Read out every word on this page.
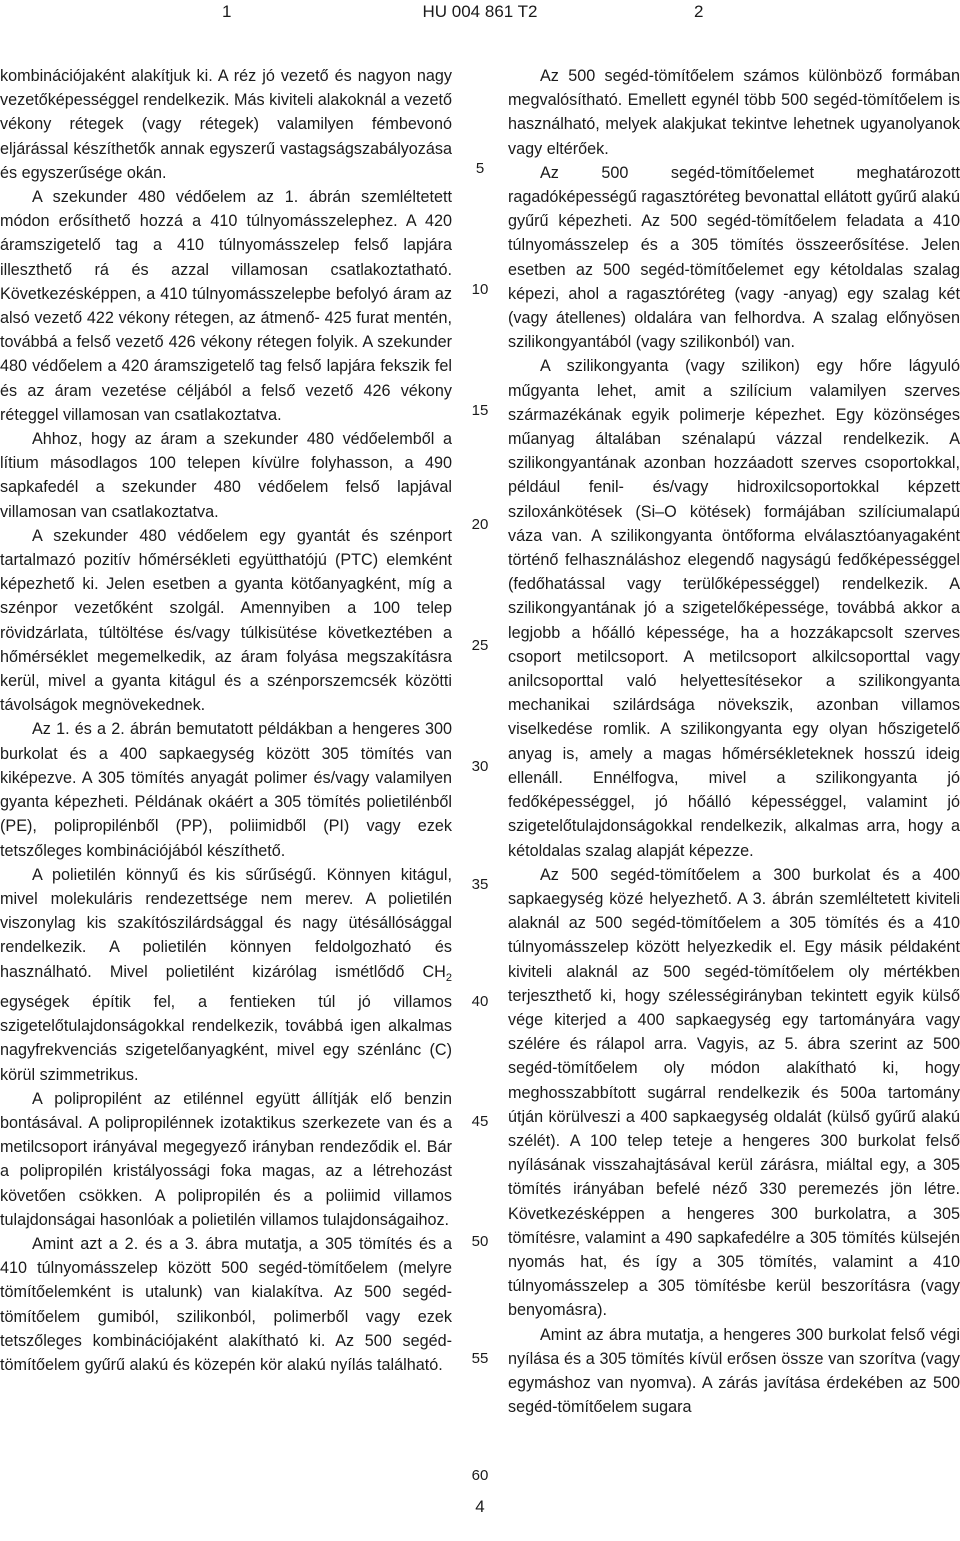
1	HU 004 861 T2	2

kombinációjaként alakítjuk ki. A réz jó vezető és nagyon nagy vezetőképességgel rendelkezik. Más kiviteli alakoknál a vezető vékony rétegek (vagy rétegek) valamilyen fémbevonó eljárással készíthetők annak egyszerű vastagságszabályozása és egyszerűsége okán.

A szekunder 480 védőelem az 1. ábrán szemléltetett módon erősíthető hozzá a 410 túlnyomásszelephez. A 420 áramszigetelő tag a 410 túlnyomásszelep felső lapjára illeszthető rá és azzal villamosan csatlakoztatható. Következésképpen, a 410 túlnyomásszelepbe befolyó áram az alsó vezető 422 vékony rétegen, az átmenő- 425 furat mentén, továbbá a felső vezető 426 vékony rétegen folyik. A szekunder 480 védőelem a 420 áramszigetelő tag felső lapjára fekszik fel és az áram vezetése céljából a felső vezető 426 vékony réteggel villamosan van csatlakoztatva.

Ahhoz, hogy az áram a szekunder 480 védőelemből a lítium másodlagos 100 telepen kívülre folyhasson, a 490 sapkafedél a szekunder 480 védőelem felső lapjával villamosan van csatlakoztatva.

A szekunder 480 védőelem egy gyantát és szénport tartalmazó pozitív hőmérsékleti együtthatójú (PTC) elemként képezhető ki. Jelen esetben a gyanta kötőanyagként, míg a szénpor vezetőként szolgál. Amennyiben a 100 telep rövidzárlata, túltöltése és/vagy túlkisütése következtében a hőmérséklet megemelkedik, az áram folyása megszakításra kerül, mivel a gyanta kitágul és a szénporszemcsék közötti távolságok megnövekednek.

Az 1. és a 2. ábrán bemutatott példákban a hengeres 300 burkolat és a 400 sapkaegység között 305 tömítés van kiképezve. A 305 tömítés anyagát polimer és/vagy valamilyen gyanta képezheti. Példának okáért a 305 tömítés polietilénből (PE), polipropilénből (PP), poliimidből (PI) vagy ezek tetszőleges kombinációjából készíthető.

A polietilén könnyű és kis sűrűségű. Könnyen kitágul, mivel molekuláris rendezettsége nem merev. A polietilén viszonylag kis szakítószilárdsággal és nagy ütésállósággal rendelkezik. A polietilén könnyen feldolgozható és használható. Mivel polietilént kizárólag ismétlődő $CH_2$ egységek építik fel, a fentieken túl jó villamos szigetelőtulajdonságokkal rendelkezik, továbbá igen alkalmas nagyfrekvenciás szigetelőanyagként, mivel egy szénlánc (C) körül szimmetrikus.

A polipropilént az etilénnel együtt állítják elő benzin bontásával. A polipropilénnek izotaktikus szerkezete van és a metilcsoport irányával megegyező irányban rendeződik el. Bár a polipropilén kristályossági foka magas, az a létrehozást követően csökken. A polipropilén és a poliimid villamos tulajdonságai hasonlóak a polietilén villamos tulajdonságaihoz.

Amint azt a 2. és a 3. ábra mutatja, a 305 tömítés és a 410 túlnyomásszelep között 500 segéd-tömítőelem (melyre tömítőelemként is utalunk) van kialakítva. Az 500 segéd-tömítőelem gumiból, szilikonból, polimerből vagy ezek tetszőleges kombinációjaként alakítható ki. Az 500 segéd-tömítőelem gyűrű alakú és közepén kör alakú nyílás található.

Az 500 segéd-tömítőelem számos különböző formában megvalósítható. Emellett egynél több 500 segéd-tömítőelem is használható, melyek alakjukat tekintve lehetnek ugyanolyanok vagy eltérőek.

Az 500 segéd-tömítőelemet meghatározott ragadóképességű ragasztóréteg bevonattal ellátott gyűrű alakú gyűrű képezheti. Az 500 segéd-tömítőelem feladata a 410 túlnyomásszelep és a 305 tömítés összeerősítése. Jelen esetben az 500 segéd-tömítőelemet egy kétoldalas szalag képezi, ahol a ragasztóréteg (vagy -anyag) egy szalag két (vagy átellenes) oldalára van felhordva. A szalag előnyösen szilikongyantából (vagy szilikonból) van.

A szilikongyanta (vagy szilikon) egy hőre lágyuló műgyanta lehet, amit a szilícium valamilyen szerves származékának egyik polimerje képezhet. Egy közönséges műanyag általában szénalapú vázzal rendelkezik. A szilikongyantának azonban hozzáadott szerves csoportokkal, például fenil- és/vagy hidroxilcsoportokkal képzett sziloxánkötések (Si–O kötések) formájában szilíciumalapú váza van. A szilikongyanta öntőforma elválasztóanyagaként történő felhasználáshoz elegendő nagyságú fedőképességgel (fedőhatással vagy terülőképességgel) rendelkezik. A szilikongyantának jó a szigetelőképessége, továbbá akkor a legjobb a hőálló képessége, ha a hozzákapcsolt szerves csoport metilcsoport. A metilcsoport alkilcsoporttal vagy anilcsoporttal való helyettesítésekor a szilikongyanta mechanikai szilárdsága növekszik, azonban villamos viselkedése romlik. A szilikongyanta egy olyan hőszigetelő anyag is, amely a magas hőmérsékleteknek hosszú ideig ellenáll. Ennélfogva, mivel a szilikongyanta jó fedőképességgel, jó hőálló képességgel, valamint jó szigetelőtulajdonságokkal rendelkezik, alkalmas arra, hogy a kétoldalas szalag alapját képezze.

Az 500 segéd-tömítőelem a 300 burkolat és a 400 sapkaegység közé helyezhető. A 3. ábrán szemléltetett kiviteli alaknál az 500 segéd-tömítőelem a 305 tömítés és a 410 túlnyomásszelep között helyezkedik el. Egy másik példaként kiviteli alaknál az 500 segéd-tömítőelem oly mértékben terjeszthető ki, hogy szélességirányban tekintett egyik külső vége kiterjed a 400 sapkaegység egy tartományára vagy szélére és rálapol arra. Vagyis, az 5. ábra szerint az 500 segéd-tömítőelem oly módon alakítható ki, hogy meghosszabbított sugárral rendelkezik és 500a tartomány útján körülveszi a 400 sapkaegység oldalát (külső gyűrű alakú szélét). A 100 telep teteje a hengeres 300 burkolat felső nyílásának visszahajtásával kerül zárásra, miáltal egy, a 305 tömítés irányában befelé néző 330 peremezés jön létre. Következésképpen a hengeres 300 burkolatra, a 305 tömítésre, valamint a 490 sapkafedélre a 305 tömítés külsején nyomás hat, és így a 305 tömítés, valamint a 410 túlnyomásszelep a 305 tömítésbe kerül beszorításra (vagy benyomásra).

Amint az ábra mutatja, a hengeres 300 burkolat felső végi nyílása és a 305 tömítés kívül erősen össze van szorítva (vagy egymáshoz van nyomva). A zárás javítása érdekében az 500 segéd-tömítőelem sugara

5
10
15
20
25
30
35
40
45
50
55
60
4
